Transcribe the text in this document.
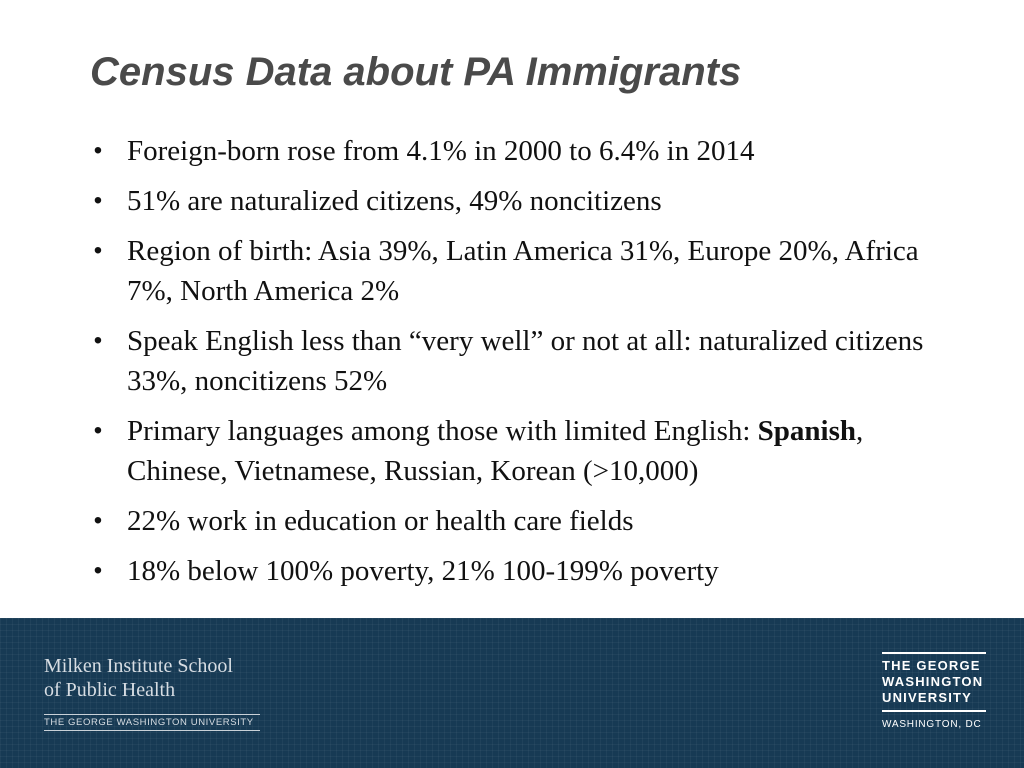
Census Data about PA Immigrants
• Foreign-born rose from 4.1% in 2000 to 6.4% in 2014
• 51% are naturalized citizens, 49% noncitizens
• Region of birth: Asia 39%, Latin America 31%, Europe 20%, Africa 7%, North America 2%
• Speak English less than “very well” or not at all: naturalized citizens 33%, noncitizens 52%
• Primary languages among those with limited English: Spanish, Chinese, Vietnamese, Russian, Korean (>10,000)
• 22% work in education or health care fields
• 18% below 100% poverty, 21% 100-199% poverty
Milken Institute School
of Public Health
THE GEORGE WASHINGTON UNIVERSITY
THE GEORGE
WASHINGTON
UNIVERSITY
WASHINGTON, DC
